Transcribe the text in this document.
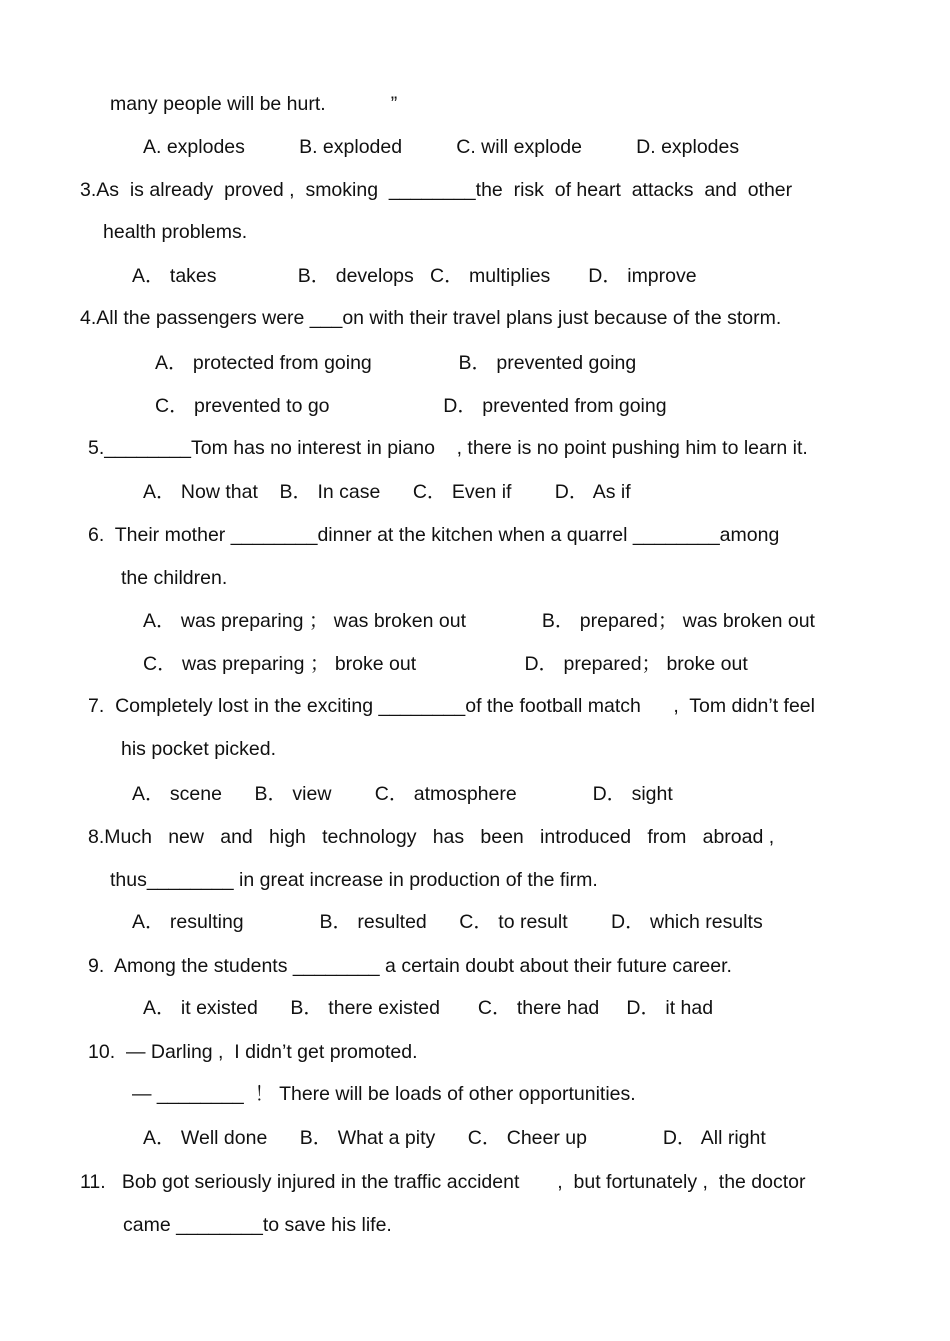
many people will be hurt.            ”
A. explodes          B. exploded          C. will explode          D. explodes
3.As  is already  proved ,  smoking  ________the  risk  of heart  attacks  and  other
health problems.
A． takes               B． develops   C． multiplies       D． improve
4.All the passengers were ___on with their travel plans just because of the storm.
A． protected from going                B． prevented going
C． prevented to go                     D． prevented from going
5.________Tom has no interest in piano    , there is no point pushing him to learn it.
A． Now that    B． In case      C． Even if        D． As if
6.  Their mother ________dinner at the kitchen when a quarrel ________among
the children.
A． was preparing ； was broken out              B． prepared； was broken out
C． was preparing ； broke out                    D． prepared； broke out
7.  Completely lost in the exciting ________of the football match      ,  Tom didn’t feel
his pocket picked.
A． scene      B． view        C． atmosphere              D． sight
8.Much   new   and   high   technology   has   been   introduced   from   abroad ,
thus________ in great increase in production of the firm.
A． resulting              B． resulted      C． to result        D． which results
9.  Among the students ________ a certain doubt about their future career.
A． it existed      B． there existed       C． there had     D． it had
10.  — Darling ,  I didn’t get promoted.
— ________  ！ There will be loads of other opportunities.
A． Well done      B． What a pity      C． Cheer up              D． All right
11.   Bob got seriously injured in the traffic accident       ,  but fortunately ,  the doctor
came ________to save his life.
